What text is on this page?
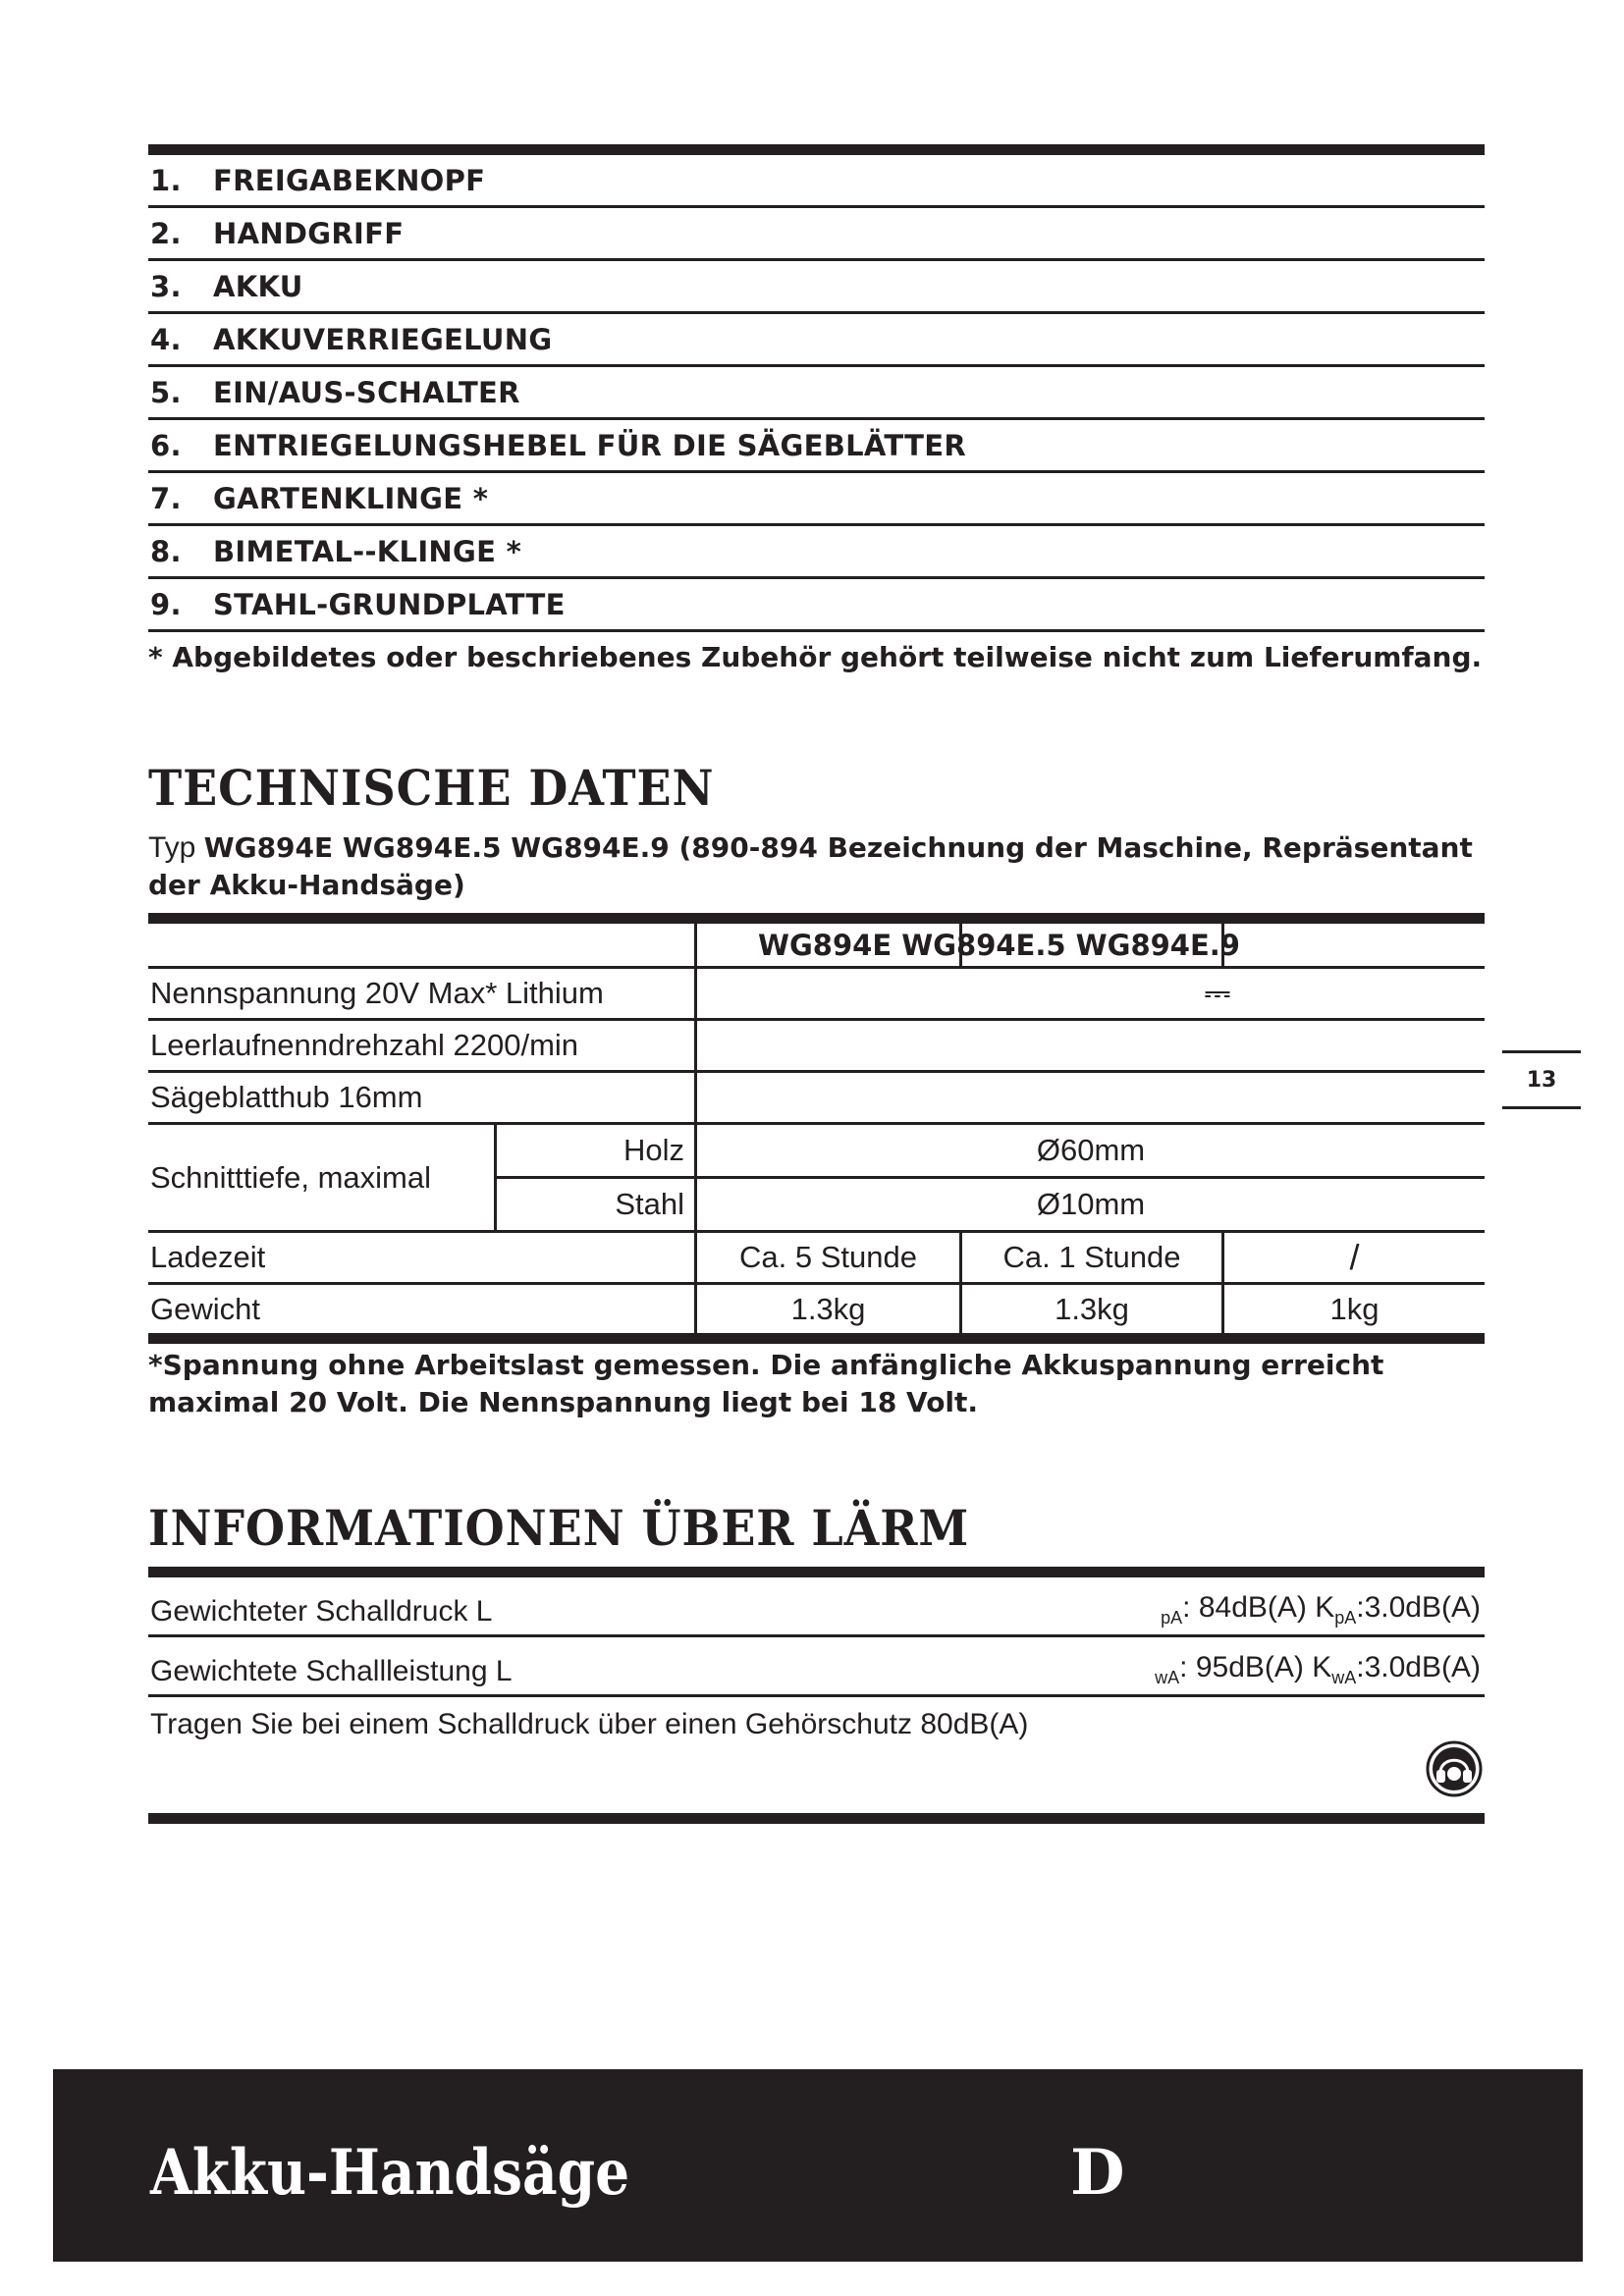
1.	FREIGABEKNOPF
2.	HANDGRIFF
3.	AKKU
4.	AKKUVERRIEGELUNG
5.	EIN/AUS-SCHALTER
6.	ENTRIEGELUNGSHEBEL FÜR DIE SÄGEBLÄTTER
7.	GARTENKLINGE *
8.	BIMETAL--KLINGE *
9.	STAHL-GRUNDPLATTE
* Abgebildetes oder beschriebenes Zubehör gehört teilweise nicht zum Lieferumfang.
TECHNISCHE DATEN
Typ WG894E WG894E.5 WG894E.9 (890-894 Bezeichnung der Maschine, Repräsentant der Akku-Handsäge)
WG894E WG894E.5 WG894E.9
Nennspannung 20V Max* Lithium	⎓
Leerlaufnenndrehzahl 2200/min
Sägeblatthub 16mm
Schnitttiefe, maximal
Holz	Ø60mm
Stahl	Ø10mm
Ladezeit	Ca. 5 Stunde	Ca. 1 Stunde	/
Gewicht	1.3kg	1.3kg	1kg
*Spannung ohne Arbeitslast gemessen. Die anfängliche Akkuspannung erreicht maximal 20 Volt. Die Nennspannung liegt bei 18 Volt.
INFORMATIONEN ÜBER LÄRM
Gewichteter Schalldruck L	$_{pA}$: 84dB(A) $K_{pA}:3.0dB(A)$
Gewichtete Schallleistung L	$_{wA}$: 95dB(A) $K_{wA}:3.0dB(A)$
Tragen Sie bei einem Schalldruck über einen Gehörschutz 80dB(A)
13
Akku-Handsäge	D
